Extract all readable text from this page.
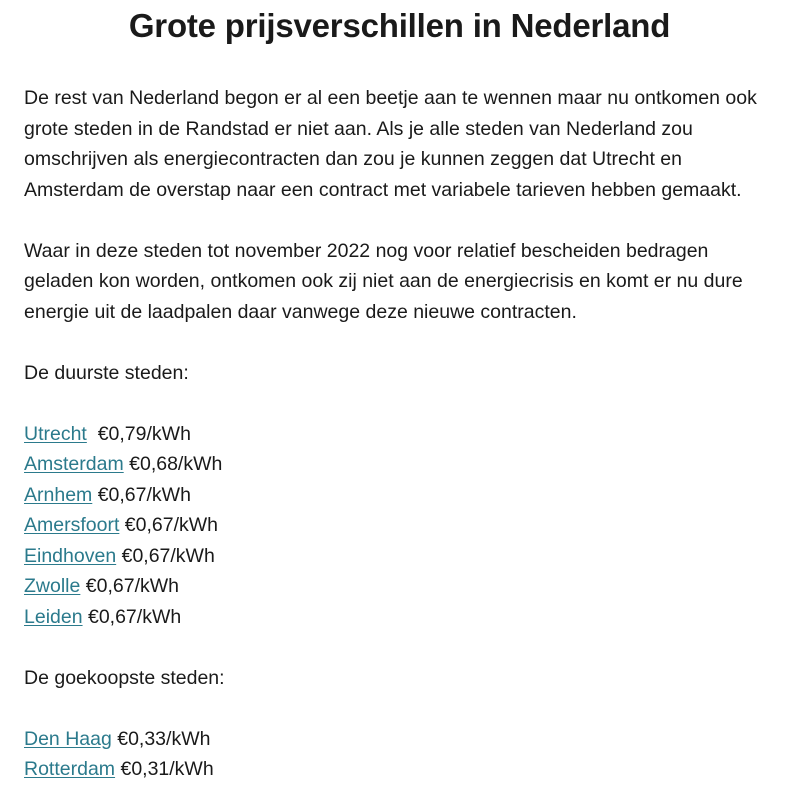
Grote prijsverschillen in Nederland

De rest van Nederland begon er al een beetje aan te wennen maar nu ontkomen ook grote steden in de Randstad er niet aan. Als je alle steden van Nederland zou omschrijven als energiecontracten dan zou je kunnen zeggen dat Utrecht en Amsterdam de overstap naar een contract met variabele tarieven hebben gemaakt.

Waar in deze steden tot november 2022 nog voor relatief bescheiden bedragen geladen kon worden, ontkomen ook zij niet aan de energiecrisis en komt er nu dure energie uit de laadpalen daar vanwege deze nieuwe contracten.

De duurste steden:

Utrecht €0,79/kWh
Amsterdam €0,68/kWh
Arnhem €0,67/kWh
Amersfoort €0,67/kWh
Eindhoven €0,67/kWh
Zwolle €0,67/kWh
Leiden €0,67/kWh

De goekoopste steden:

Den Haag €0,33/kWh
Rotterdam €0,31/kWh
